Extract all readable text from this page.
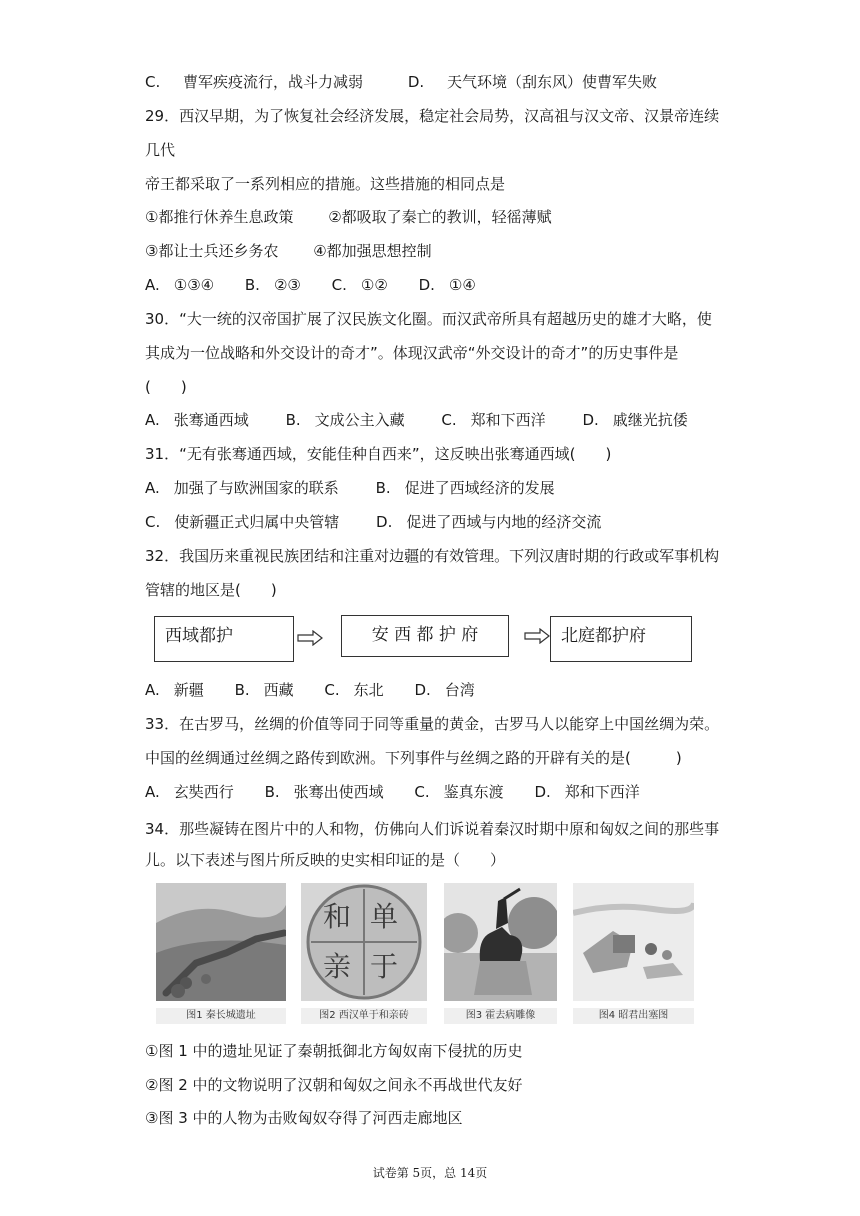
C. 曹军疾疫流行，战斗力减弱	D. 天气环境（刮东风）使曹军失败
29．西汉早期，为了恢复社会经济发展，稳定社会局势，汉高祖与汉文帝、汉景帝连续
几代
帝王都采取了一系列相应的措施。这些措施的相同点是
①都推行休养生息政策 ②都吸取了秦亡的教训，轻徭薄赋
③都让士兵还乡务农 ④都加强思想控制
A. ①③④ B. ②③ C. ①② D. ①④
30．“大一统的汉帝国扩展了汉民族文化圈。而汉武帝所具有超越历史的雄才大略，使
其成为一位战略和外交设计的奇才”。体现汉武帝“外交设计的奇才”的历史事件是
(　　)
A. 张骞通西域 B. 文成公主入藏 C. 郑和下西洋 D. 戚继光抗倭
31．“无有张骞通西域，安能佳种自西来”，这反映出张骞通西域(　　)
A. 加强了与欧洲国家的联系 B. 促进了西域经济的发展
C. 使新疆正式归属中央管辖 D. 促进了西域与内地的经济交流
32．我国历来重视民族团结和注重对边疆的有效管理。下列汉唐时期的行政或军事机构
管辖的地区是(　　)
西域都护	安 西 都 护 府	北庭都护府
A. 新疆 B. 西藏 C. 东北 D. 台湾
33．在古罗马，丝绸的价值等同于同等重量的黄金，古罗马人以能穿上中国丝绸为荣。
中国的丝绸通过丝绸之路传到欧洲。下列事件与丝绸之路的开辟有关的是(　　　)
A. 玄奘西行 B. 张骞出使西域 C. 鉴真东渡 D. 郑和下西洋
34．那些凝铸在图片中的人和物，仿佛向人们诉说着秦汉时期中原和匈奴之间的那些事
儿。以下表述与图片所反映的史实相印证的是（　　）
图1 秦长城遗址
单
于
和
亲
图2 西汉单于和亲砖	图3 霍去病雕像	图4 昭君出塞图
①图 1 中的遗址见证了秦朝抵御北方匈奴南下侵扰的历史
②图 2 中的文物说明了汉朝和匈奴之间永不再战世代友好
③图 3 中的人物为击败匈奴夺得了河西走廊地区
试卷第 5页，总 14页
